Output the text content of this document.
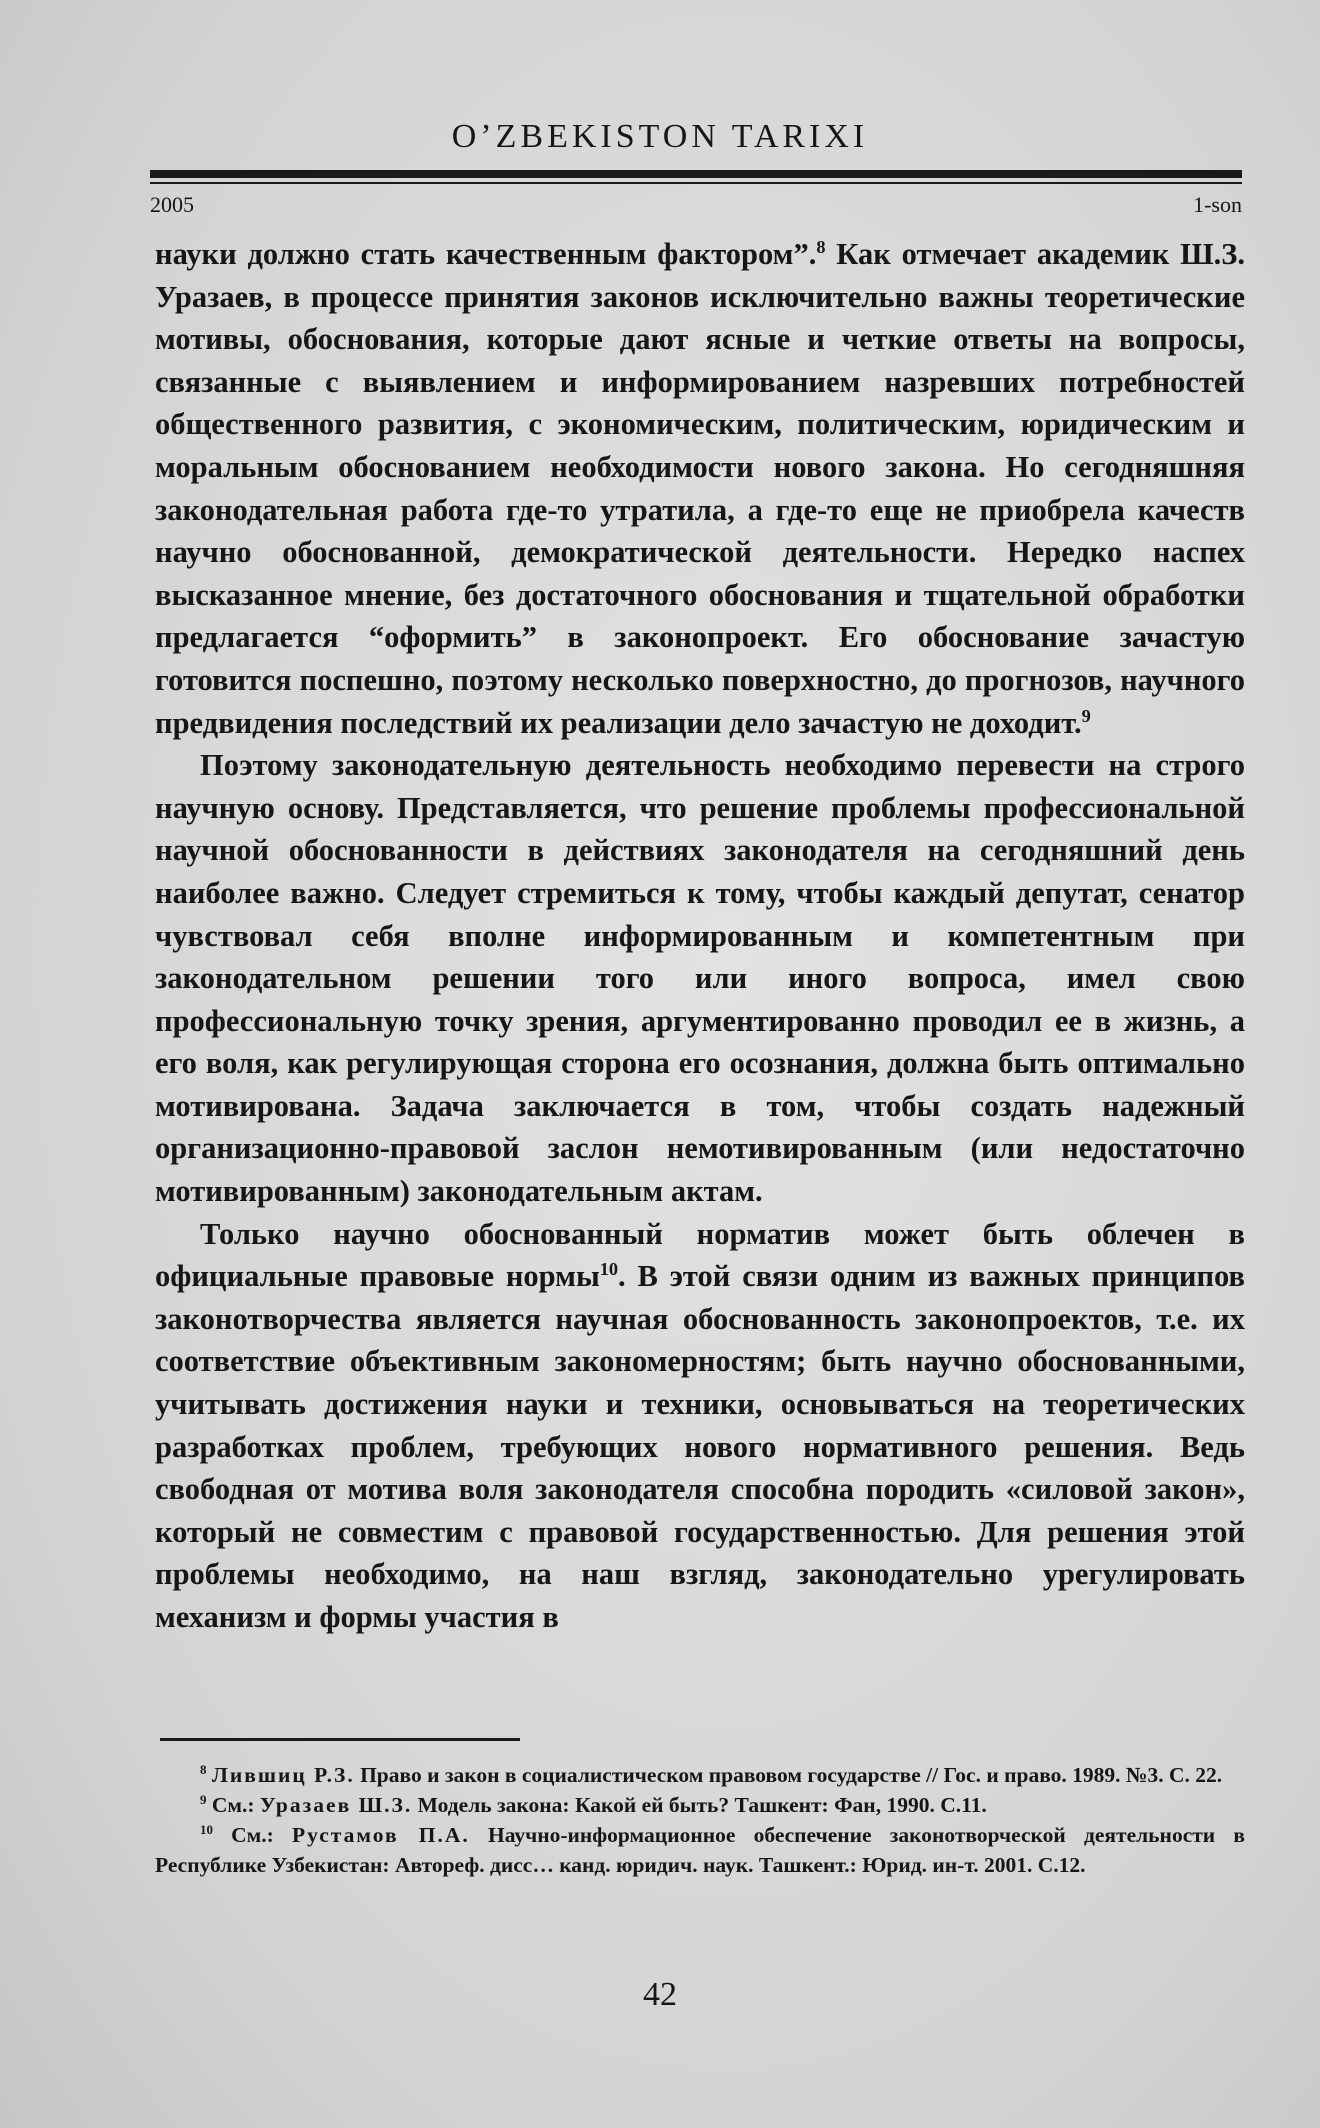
O’ZBEKISTON TARIXI
2005	1-son

науки должно стать качественным фактором”.$^8$ Как отмечает академик Ш.З. Уразаев, в процессе принятия законов исключительно важны теоретические мотивы, обоснования, которые дают ясные и четкие ответы на вопросы, связанные с выявлением и информированием назревших потребностей общественного развития, с экономическим, политическим, юридическим и моральным обоснованием необходимости нового закона. Но сегодняшняя законодательная работа где-то утратила, а где-то еще не приобрела качеств научно обоснованной, демократической деятельности. Нередко наспех высказанное мнение, без достаточного обоснования и тщательной обработки предлагается “оформить” в законопроект. Его обоснование зачастую готовится поспешно, поэтому несколько поверхностно, до прогнозов, научного предвидения последствий их реализации дело зачастую не доходит.$^9$

Поэтому законодательную деятельность необходимо перевести на строго научную основу. Представляется, что решение проблемы профессиональной научной обоснованности в действиях законодателя на сегодняшний день наиболее важно. Следует стремиться к тому, чтобы каждый депутат, сенатор чувствовал себя вполне информированным и компетентным при законодательном решении того или иного вопроса, имел свою профессиональную точку зрения, аргументированно проводил ее в жизнь, а его воля, как регулирующая сторона его осознания, должна быть оптимально мотивирована. Задача заключается в том, чтобы создать надежный организационно-правовой заслон немотивированным (или недостаточно мотивированным) законодательным актам.

Только научно обоснованный норматив может быть облечен в официальные правовые нормы$^{10}$. В этой связи одним из важных принципов законотворчества является научная обоснованность законопроектов, т.е. их соответствие объективным закономерностям; быть научно обоснованными, учитывать достижения науки и техники, основываться на теоретических разработках проблем, требующих нового нормативного решения. Ведь свободная от мотива воля законодателя способна породить «силовой закон», который не совместим с правовой государственностью. Для решения этой проблемы необходимо, на наш взгляд, законодательно урегулировать механизм и формы участия в

$^8$ Лившиц Р.З. Право и закон в социалистическом правовом государстве // Гос. и право. 1989. №3. С. 22.

$^9$ См.: Уразаев Ш.З. Модель закона: Какой ей быть? Ташкент: Фан, 1990. С.11.

$^{10}$ См.: Рустамов П.А. Научно-информационное обеспечение законотворческой деятельности в Республике Узбекистан: Автореф. дисс… канд. юридич. наук. Ташкент.: Юрид. ин-т. 2001. С.12.

42
